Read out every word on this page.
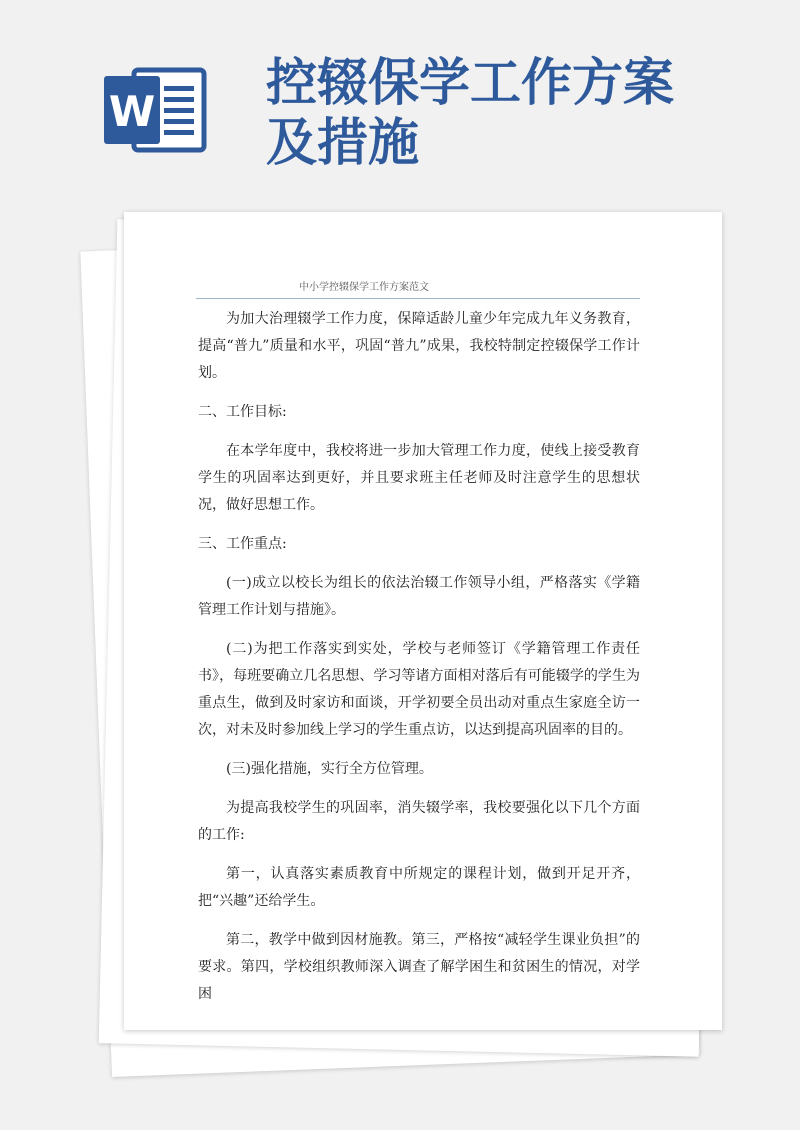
W 控辍保学工作方案
及措施
中小学控辍保学工作方案范文

为加大治理辍学工作力度，保障适龄儿童少年完成九年义务教育，提高“普九”质量和水平，巩固“普九”成果，我校特制定控辍保学工作计划。

二、工作目标:

在本学年度中，我校将进一步加大管理工作力度，使线上接受教育学生的巩固率达到更好，并且要求班主任老师及时注意学生的思想状况，做好思想工作。

三、工作重点:

(一)成立以校长为组长的依法治辍工作领导小组，严格落实《学籍管理工作计划与措施》。

(二)为把工作落实到实处，学校与老师签订《学籍管理工作责任书》，每班要确立几名思想、学习等诸方面相对落后有可能辍学的学生为重点生，做到及时家访和面谈，开学初要全员出动对重点生家庭全访一次，对未及时参加线上学习的学生重点访，以达到提高巩固率的目的。

(三)强化措施，实行全方位管理。

为提高我校学生的巩固率，消失辍学率，我校要强化以下几个方面的工作:

第一，认真落实素质教育中所规定的课程计划，做到开足开齐，把“兴趣”还给学生。

第二，教学中做到因材施教。第三，严格按“减轻学生课业负担”的要求。第四，学校组织教师深入调查了解学困生和贫困生的情况，对学困
